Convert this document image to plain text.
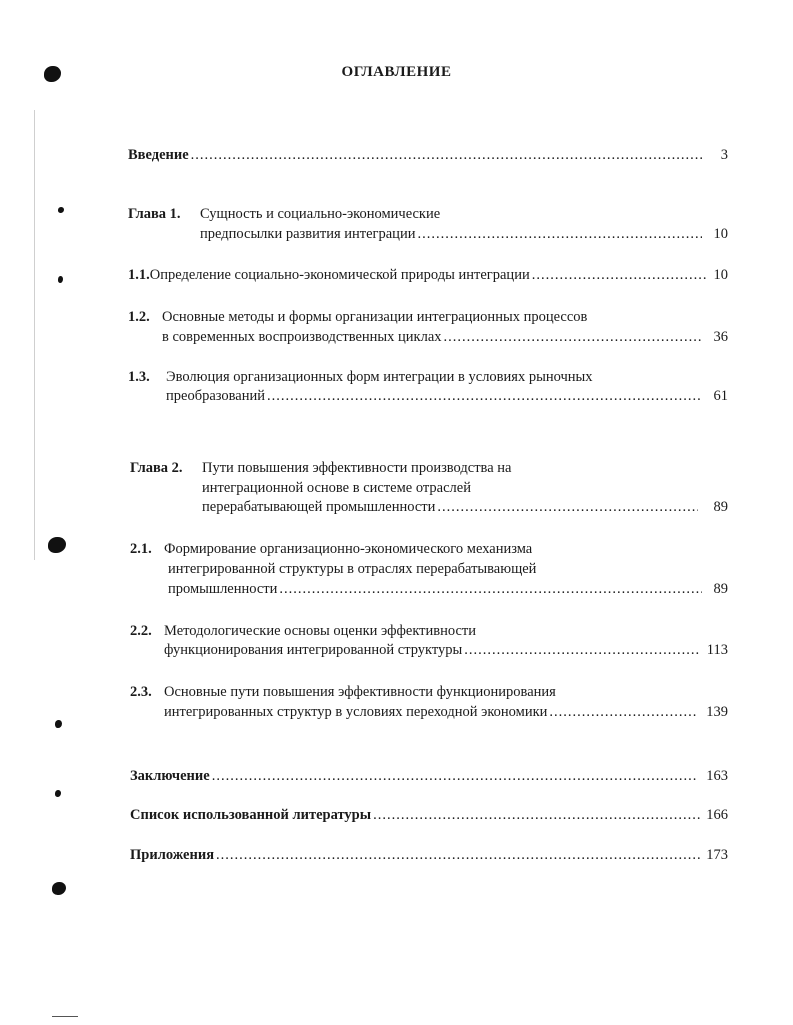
ОГЛАВЛЕНИЕ
Введение .....	3
Глава 1. Сущность и социально-экономические
предпосылки развития интеграции .....	10
1.1. Определение социально-экономической природы интеграции .....	10
1.2. Основные методы и формы организации интеграционных процессов
в современных воспроизводственных циклах .....	36
1.3. Эволюция организационных форм интеграции в условиях рыночных
преобразований .....	61
Глава 2. Пути повышения эффективности производства на
интеграционной основе в системе отраслей
перерабатывающей промышленности .....	89
2.1. Формирование организационно-экономического механизма
интегрированной структуры в отраслях перерабатывающей
промышленности .....	89
2.2. Методологические основы оценки эффективности
функционирования интегрированной структуры .....	113
2.3. Основные пути повышения эффективности функционирования
интегрированных структур в условиях переходной экономики .....	139
Заключение .....	163
Список использованной литературы .....	166
Приложения .....	173
